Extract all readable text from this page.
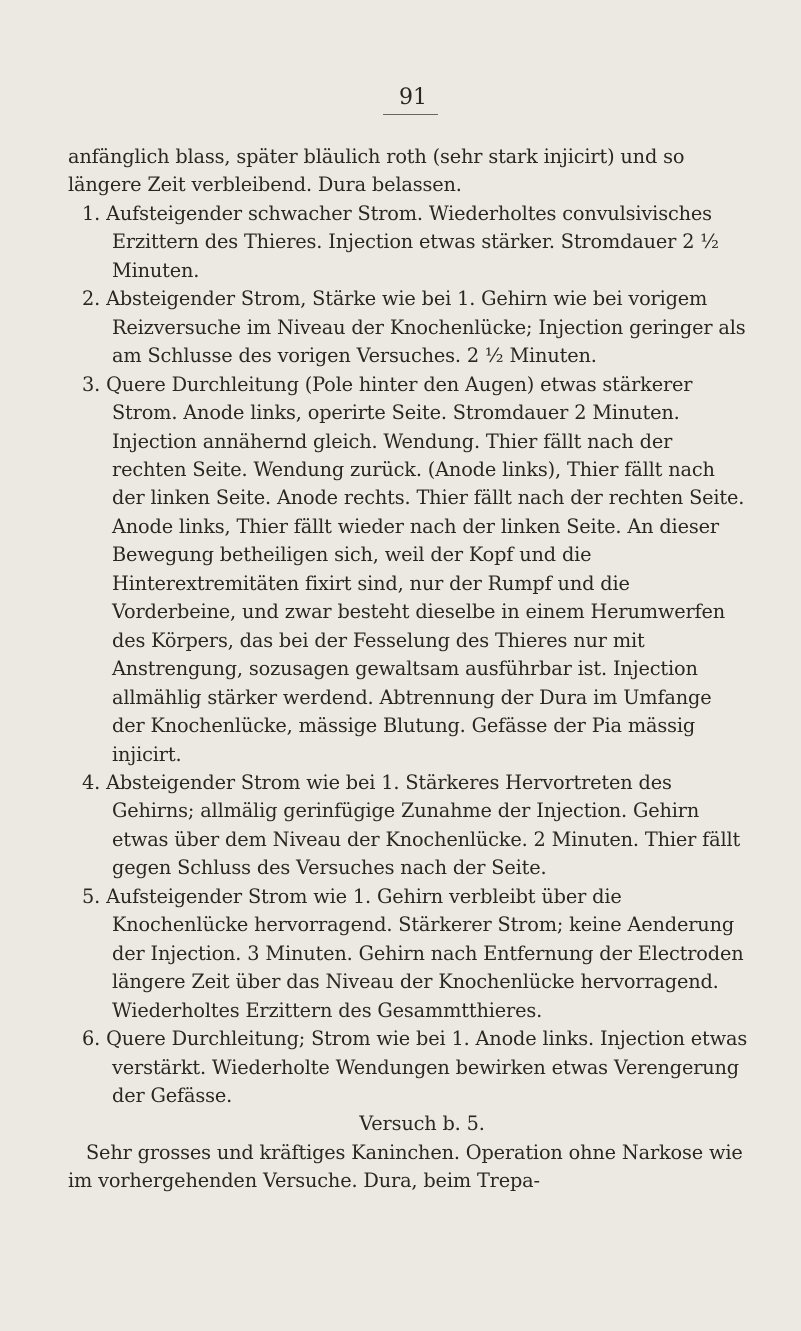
91

anfänglich blass, später bläulich roth (sehr stark injicirt) und so längere Zeit verbleibend. Dura belassen.

1. Aufsteigender schwacher Strom. Wiederholtes convulsivisches Erzittern des Thieres. Injection etwas stärker. Stromdauer 2 ½ Minuten.

2. Absteigender Strom, Stärke wie bei 1. Gehirn wie bei vorigem Reizversuche im Niveau der Knochenlücke; Injection geringer als am Schlusse des vorigen Versuches. 2 ½ Minuten.

3. Quere Durchleitung (Pole hinter den Augen) etwas stärkerer Strom. Anode links, operirte Seite. Stromdauer 2 Minuten. Injection annähernd gleich. Wendung. Thier fällt nach der rechten Seite. Wendung zurück. (Anode links), Thier fällt nach der linken Seite. Anode rechts. Thier fällt nach der rechten Seite. Anode links, Thier fällt wieder nach der linken Seite. An dieser Bewegung betheiligen sich, weil der Kopf und die Hinterextremitäten fixirt sind, nur der Rumpf und die Vorderbeine, und zwar besteht dieselbe in einem Herumwerfen des Körpers, das bei der Fesselung des Thieres nur mit Anstrengung, sozusagen gewaltsam ausführbar ist. Injection allmählig stärker werdend. Abtrennung der Dura im Umfange der Knochenlücke, mässige Blutung. Gefässe der Pia mässig injicirt.

4. Absteigender Strom wie bei 1. Stärkeres Hervortreten des Gehirns; allmälig gerinfügige Zunahme der Injection. Gehirn etwas über dem Niveau der Knochenlücke. 2 Minuten. Thier fällt gegen Schluss des Versuches nach der Seite.

5. Aufsteigender Strom wie 1. Gehirn verbleibt über die Knochenlücke hervorragend. Stärkerer Strom; keine Aenderung der Injection. 3 Minuten. Gehirn nach Entfernung der Electroden längere Zeit über das Niveau der Knochenlücke hervorragend. Wiederholtes Erzittern des Gesammtthieres.

6. Quere Durchleitung; Strom wie bei 1. Anode links. Injection etwas verstärkt. Wiederholte Wendungen bewirken etwas Verengerung der Gefässe.

Versuch b. 5.

Sehr grosses und kräftiges Kaninchen. Operation ohne Narkose wie im vorhergehenden Versuche. Dura, beim Trepa-
